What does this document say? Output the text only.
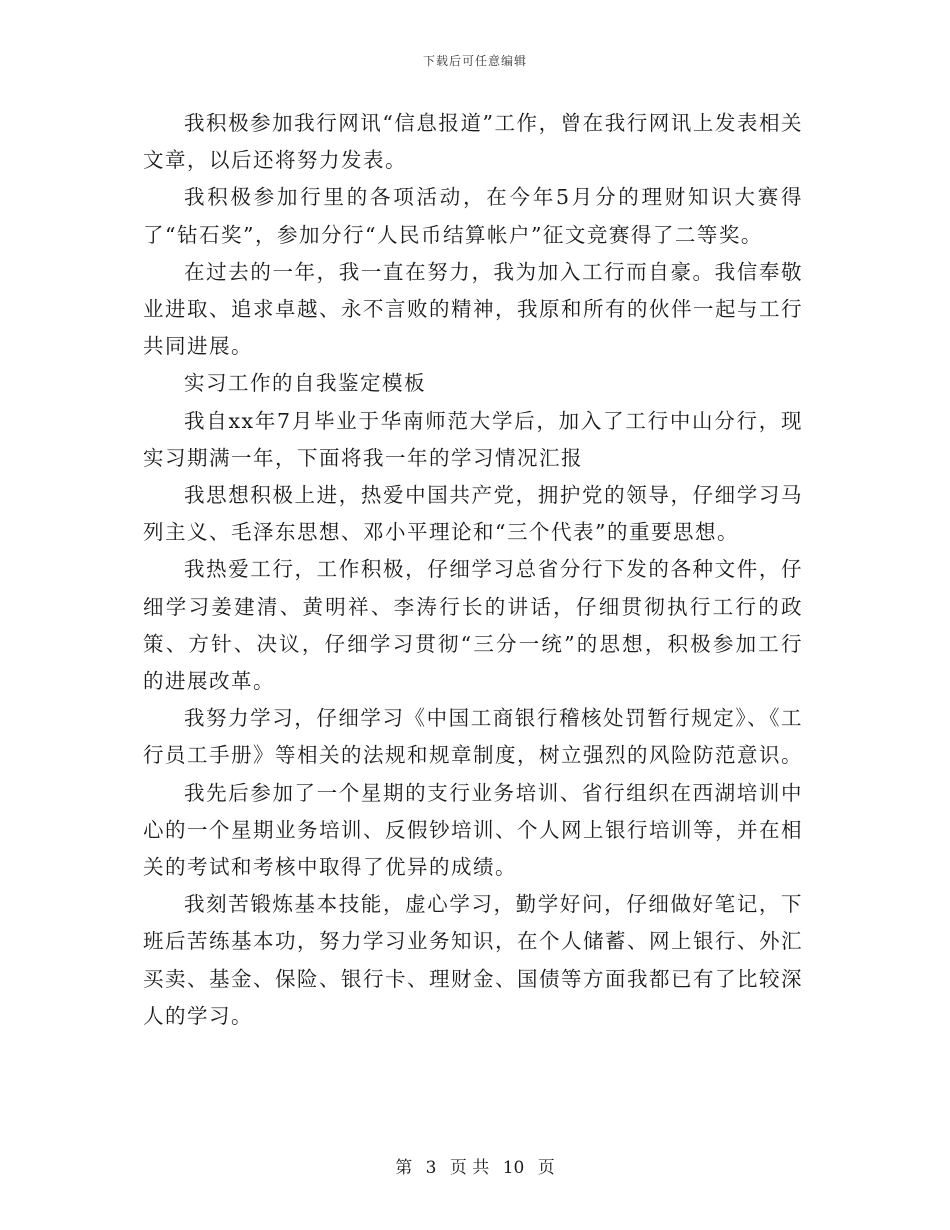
下载后可任意编辑

我积极参加我行网讯“信息报道”工作，曾在我行网讯上发表相关文章，以后还将努力发表。

我积极参加行里的各项活动，在今年5月分的理财知识大赛得了“钻石奖”，参加分行“人民币结算帐户”征文竞赛得了二等奖。

在过去的一年，我一直在努力，我为加入工行而自豪。我信奉敬业进取、追求卓越、永不言败的精神，我原和所有的伙伴一起与工行共同进展。

实习工作的自我鉴定模板

我自xx年7月毕业于华南师范大学后，加入了工行中山分行，现实习期满一年，下面将我一年的学习情况汇报

我思想积极上进，热爱中国共产党，拥护党的领导，仔细学习马列主义、毛泽东思想、邓小平理论和“三个代表”的重要思想。

我热爱工行，工作积极，仔细学习总省分行下发的各种文件，仔细学习姜建清、黄明祥、李涛行长的讲话，仔细贯彻执行工行的政策、方针、决议，仔细学习贯彻“三分一统”的思想，积极参加工行的进展改革。

我努力学习，仔细学习《中国工商银行稽核处罚暂行规定》、《工行员工手册》等相关的法规和规章制度，树立强烈的风险防范意识。

我先后参加了一个星期的支行业务培训、省行组织在西湖培训中心的一个星期业务培训、反假钞培训、个人网上银行培训等，并在相关的考试和考核中取得了优异的成绩。

我刻苦锻炼基本技能，虚心学习，勤学好问，仔细做好笔记，下班后苦练基本功，努力学习业务知识，在个人储蓄、网上银行、外汇买卖、基金、保险、银行卡、理财金、国债等方面我都已有了比较深人的学习。

第 3 页 共 10 页
